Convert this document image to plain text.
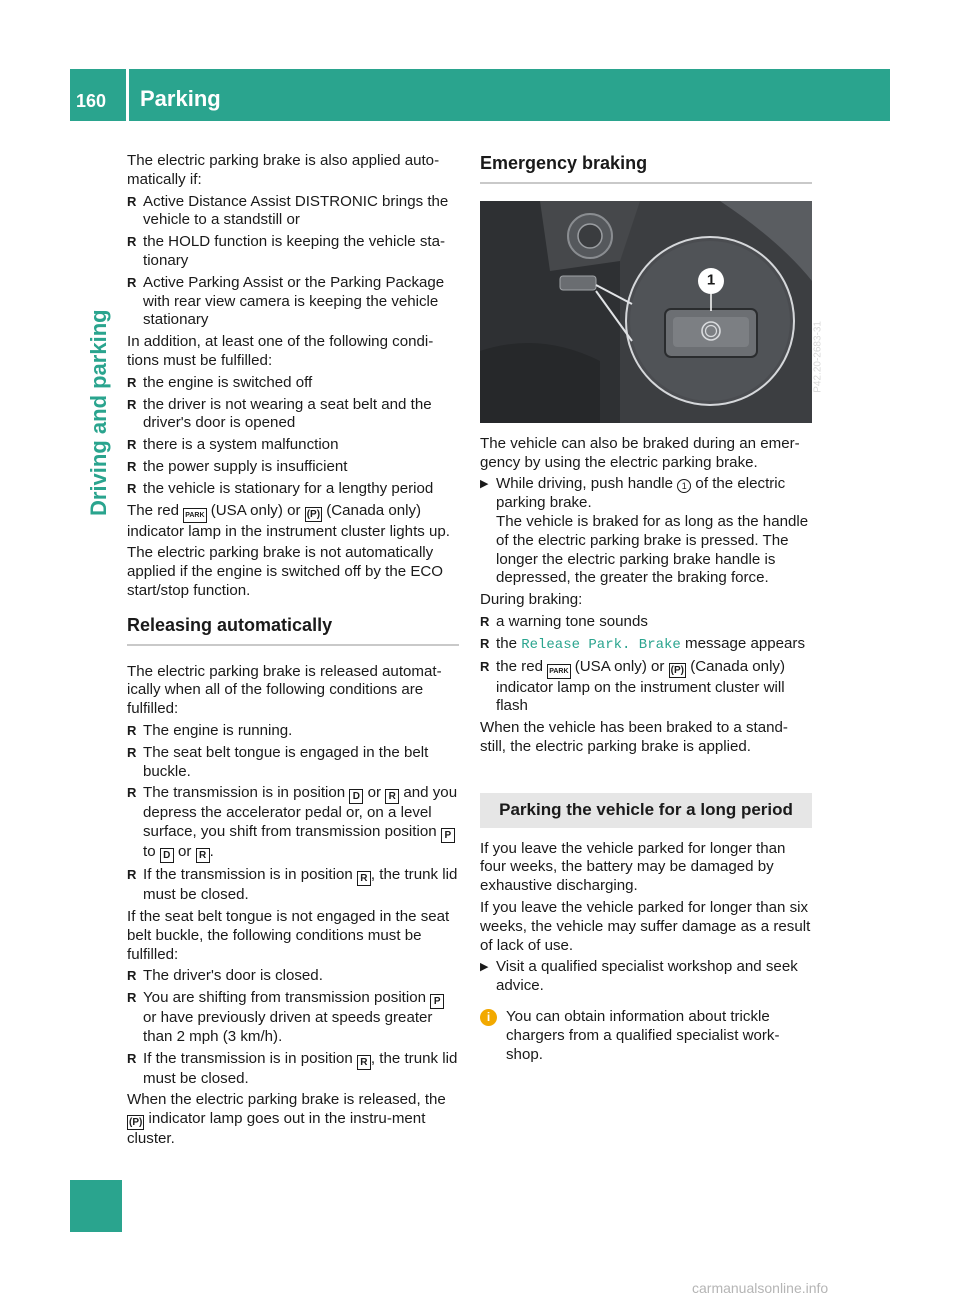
160 Parking
Driving and parking

The electric parking brake is also applied auto-matically if:

R Active Distance Assist DISTRONIC brings the vehicle to a standstill or
R the HOLD function is keeping the vehicle sta-tionary
R Active Parking Assist or the Parking Package with rear view camera is keeping the vehicle stationary

In addition, at least one of the following condi-tions must be fulfilled:

R the engine is switched off
R the driver is not wearing a seat belt and the driver's door is opened
R there is a system malfunction
R the power supply is insufficient
R the vehicle is stationary for a lengthy period

The red PARK (USA only) or (P) (Canada only) indicator lamp in the instrument cluster lights up.

The electric parking brake is not automatically applied if the engine is switched off by the ECO start/stop function.

Releasing automatically

The electric parking brake is released automat-ically when all of the following conditions are fulfilled:

R The engine is running.
R The seat belt tongue is engaged in the belt buckle.
R The transmission is in position D or R and you depress the accelerator pedal or, on a level surface, you shift from transmission position P to D or R .
R If the transmission is in position R , the trunk lid must be closed.

If the seat belt tongue is not engaged in the seat belt buckle, the following conditions must be fulfilled:

R The driver's door is closed.
R You are shifting from transmission position P or have previously driven at speeds greater than 2 mph (3 km/h).
R If the transmission is in position R , the trunk lid must be closed.

When the electric parking brake is released, the (P) indicator lamp goes out in the instru-ment cluster.

Emergency braking
1
P42.20-2683-31

The vehicle can also be braked during an emer-gency by using the electric parking brake.

▶ While driving, push handle 1 of the electric parking brake.
The vehicle is braked for as long as the handle of the electric parking brake is pressed. The longer the electric parking brake handle is depressed, the greater the braking force.

During braking:

R a warning tone sounds
R the Release Park. Brake message appears
R the red PARK (USA only) or (P) (Canada only) indicator lamp on the instrument cluster will flash

When the vehicle has been braked to a stand-still, the electric parking brake is applied.

Parking the vehicle for a long period

If you leave the vehicle parked for longer than four weeks, the battery may be damaged by exhaustive discharging.

If you leave the vehicle parked for longer than six weeks, the vehicle may suffer damage as a result of lack of use.

▶ Visit a qualified specialist workshop and seek advice.
i	You can obtain information about trickle chargers from a qualified specialist work-shop.
carmanualsonline.info
